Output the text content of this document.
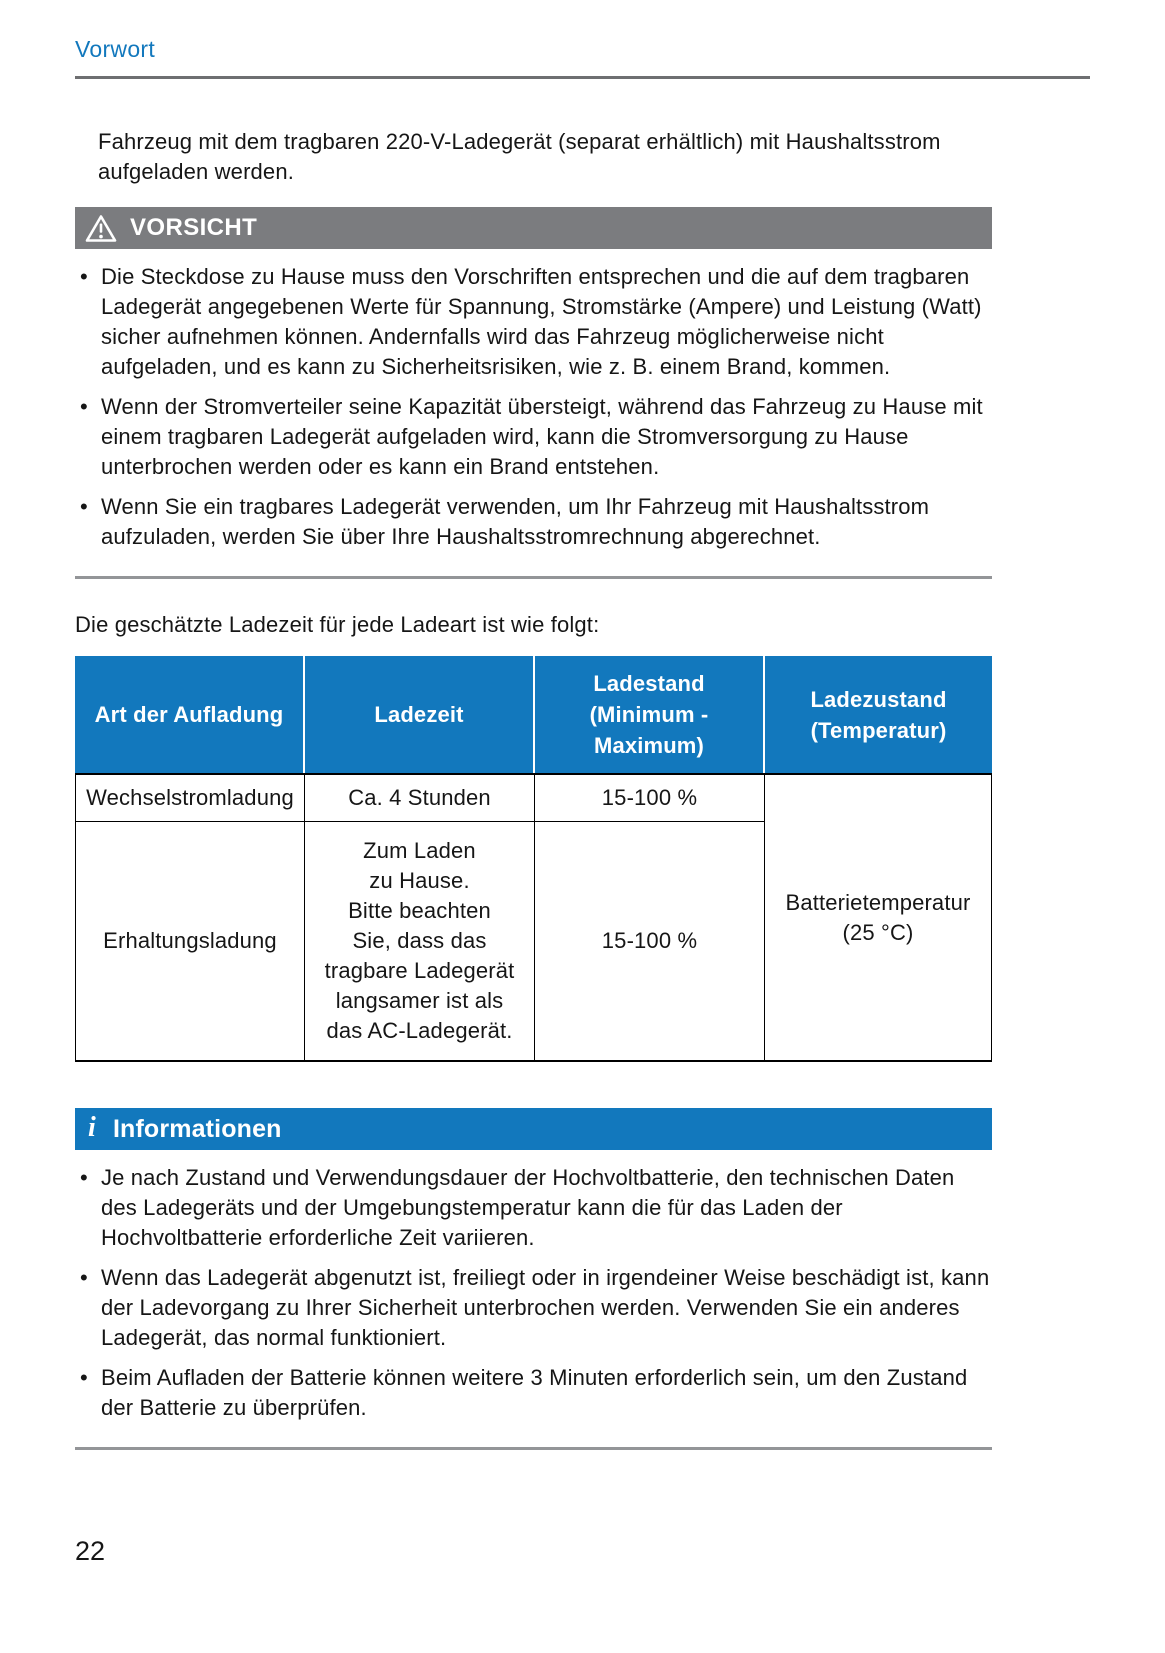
Vorwort

Fahrzeug mit dem tragbaren 220-V-Ladegerät (separat erhältlich) mit Haushaltsstrom aufgeladen werden.

VORSICHT
• Die Steckdose zu Hause muss den Vorschriften entsprechen und die auf dem tragbaren Ladegerät angegebenen Werte für Spannung, Stromstärke (Ampere) und Leistung (Watt) sicher aufnehmen können. Andernfalls wird das Fahrzeug möglicherweise nicht aufgeladen, und es kann zu Sicherheitsrisiken, wie z. B. einem Brand, kommen.
• Wenn der Stromverteiler seine Kapazität übersteigt, während das Fahrzeug zu Hause mit einem tragbaren Ladegerät aufgeladen wird, kann die Stromversorgung zu Hause unterbrochen werden oder es kann ein Brand entstehen.
• Wenn Sie ein tragbares Ladegerät verwenden, um Ihr Fahrzeug mit Haushaltsstrom aufzuladen, werden Sie über Ihre Haushaltsstromrechnung abgerechnet.

Die geschätzte Ladezeit für jede Ladeart ist wie folgt:

Art der Aufladung	Ladezeit	Ladestand
(Minimum -
Maximum)	Ladezustand
(Temperatur)
Wechselstromladung	Ca. 4 Stunden	15-100 %	Batterietemperatur
(25 °C)
Erhaltungsladung	Zum Laden
zu Hause.
Bitte beachten
Sie, dass das
tragbare Ladegerät
langsamer ist als
das AC-Ladegerät.	15-100 %
i Informationen
• Je nach Zustand und Verwendungsdauer der Hochvoltbatterie, den technischen Daten des Ladegeräts und der Umgebungstemperatur kann die für das Laden der Hochvoltbatterie erforderliche Zeit variieren.
• Wenn das Ladegerät abgenutzt ist, freiliegt oder in irgendeiner Weise beschädigt ist, kann der Ladevorgang zu Ihrer Sicherheit unterbrochen werden. Verwenden Sie ein anderes Ladegerät, das normal funktioniert.
• Beim Aufladen der Batterie können weitere 3 Minuten erforderlich sein, um den Zustand der Batterie zu überprüfen.
22
